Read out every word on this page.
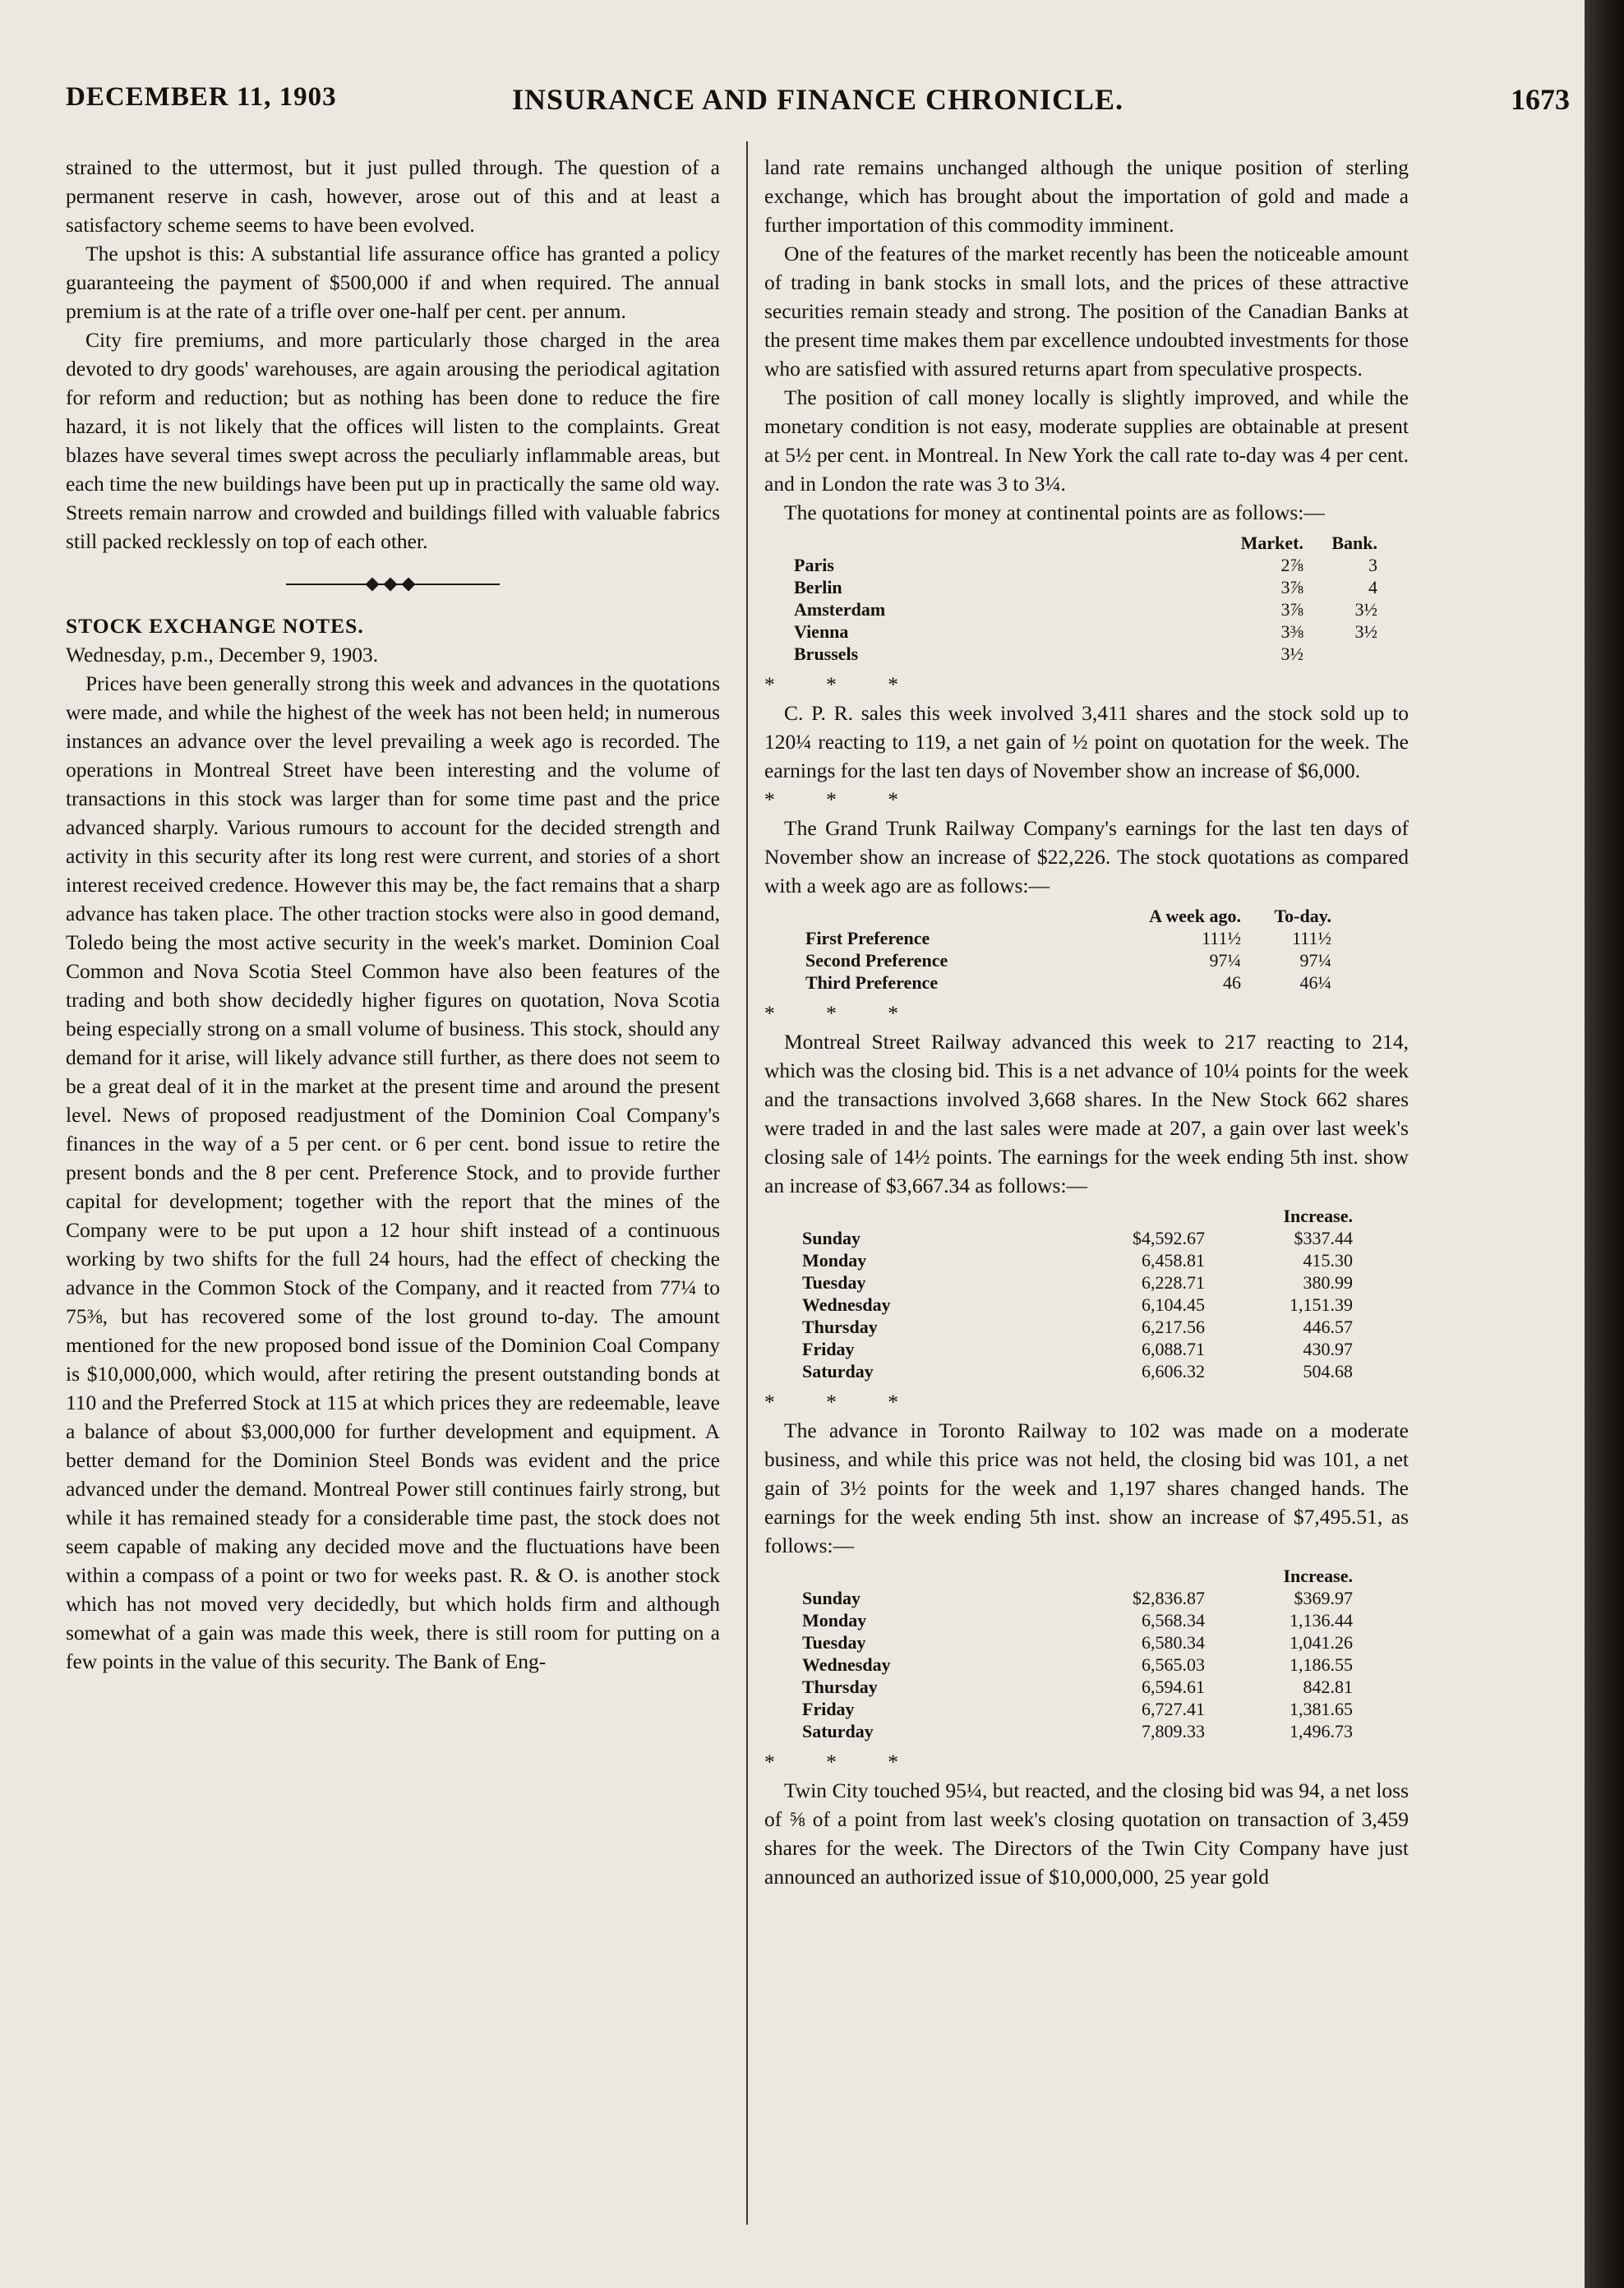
INSURANCE AND FINANCE CHRONICLE.
DECEMBER 11, 1903	1673

strained to the uttermost, but it just pulled through. The question of a permanent reserve in cash, however, arose out of this and at least a satisfactory scheme seems to have been evolved.

The upshot is this: A substantial life assurance office has granted a policy guaranteeing the payment of $500,000 if and when required. The annual premium is at the rate of a trifle over one-half per cent. per annum.

City fire premiums, and more particularly those charged in the area devoted to dry goods' warehouses, are again arousing the periodical agitation for reform and reduction; but as nothing has been done to reduce the fire hazard, it is not likely that the offices will listen to the complaints. Great blazes have several times swept across the peculiarly inflammable areas, but each time the new buildings have been put up in practically the same old way. Streets remain narrow and crowded and buildings filled with valuable fabrics still packed recklessly on top of each other.

STOCK EXCHANGE NOTES.

Wednesday, p.m., December 9, 1903.

Prices have been generally strong this week and advances in the quotations were made, and while the highest of the week has not been held; in numerous instances an advance over the level prevailing a week ago is recorded. The operations in Montreal Street have been interesting and the volume of transactions in this stock was larger than for some time past and the price advanced sharply. Various rumours to account for the decided strength and activity in this security after its long rest were current, and stories of a short interest received credence. However this may be, the fact remains that a sharp advance has taken place. The other traction stocks were also in good demand, Toledo being the most active security in the week's market. Dominion Coal Common and Nova Scotia Steel Common have also been features of the trading and both show decidedly higher figures on quotation, Nova Scotia being especially strong on a small volume of business. This stock, should any demand for it arise, will likely advance still further, as there does not seem to be a great deal of it in the market at the present time and around the present level. News of proposed readjustment of the Dominion Coal Company's finances in the way of a 5 per cent. or 6 per cent. bond issue to retire the present bonds and the 8 per cent. Preference Stock, and to provide further capital for development; together with the report that the mines of the Company were to be put upon a 12 hour shift instead of a continuous working by two shifts for the full 24 hours, had the effect of checking the advance in the Common Stock of the Company, and it reacted from 77¼ to 75⅜, but has recovered some of the lost ground to-day. The amount mentioned for the new proposed bond issue of the Dominion Coal Company is $10,000,000, which would, after retiring the present outstanding bonds at 110 and the Preferred Stock at 115 at which prices they are redeemable, leave a balance of about $3,000,000 for further development and equipment. A better demand for the Dominion Steel Bonds was evident and the price advanced under the demand. Montreal Power still continues fairly strong, but while it has remained steady for a considerable time past, the stock does not seem capable of making any decided move and the fluctuations have been within a compass of a point or two for weeks past. R. & O. is another stock which has not moved very decidedly, but which holds firm and although somewhat of a gain was made this week, there is still room for putting on a few points in the value of this security. The Bank of Eng-

land rate remains unchanged although the unique position of sterling exchange, which has brought about the importation of gold and made a further importation of this commodity imminent.

One of the features of the market recently has been the noticeable amount of trading in bank stocks in small lots, and the prices of these attractive securities remain steady and strong. The position of the Canadian Banks at the present time makes them par excellence undoubted investments for those who are satisfied with assured returns apart from speculative prospects.

The position of call money locally is slightly improved, and while the monetary condition is not easy, moderate supplies are obtainable at present at 5½ per cent. in Montreal. In New York the call rate to-day was 4 per cent. and in London the rate was 3 to 3¼.

The quotations for money at continental points are as follows:—

	Market.	Bank.
Paris	2⅞	3
Berlin	3⅞	4
Amsterdam	3⅞	3½
Vienna	3⅜	3½
Brussels	3½	

* * *

C. P. R. sales this week involved 3,411 shares and the stock sold up to 120¼ reacting to 119, a net gain of ½ point on quotation for the week. The earnings for the last ten days of November show an increase of $6,000.

* * *

The Grand Trunk Railway Company's earnings for the last ten days of November show an increase of $22,226. The stock quotations as compared with a week ago are as follows:—

	A week ago.	To-day.
First Preference	111½	111½
Second Preference	97¼	97¼
Third Preference	46	46¼

* * *

Montreal Street Railway advanced this week to 217 reacting to 214, which was the closing bid. This is a net advance of 10¼ points for the week and the transactions involved 3,668 shares. In the New Stock 662 shares were traded in and the last sales were made at 207, a gain over last week's closing sale of 14½ points. The earnings for the week ending 5th inst. show an increase of $3,667.34 as follows:—

		Increase.
Sunday	$4,592.67	$337.44
Monday	6,458.81	415.30
Tuesday	6,228.71	380.99
Wednesday	6,104.45	1,151.39
Thursday	6,217.56	446.57
Friday	6,088.71	430.97
Saturday	6,606.32	504.68

* * *

The advance in Toronto Railway to 102 was made on a moderate business, and while this price was not held, the closing bid was 101, a net gain of 3½ points for the week and 1,197 shares changed hands. The earnings for the week ending 5th inst. show an increase of $7,495.51, as follows:—

		Increase.
Sunday	$2,836.87	$369.97
Monday	6,568.34	1,136.44
Tuesday	6,580.34	1,041.26
Wednesday	6,565.03	1,186.55
Thursday	6,594.61	842.81
Friday	6,727.41	1,381.65
Saturday	7,809.33	1,496.73

* * *

Twin City touched 95¼, but reacted, and the closing bid was 94, a net loss of ⅝ of a point from last week's closing quotation on transaction of 3,459 shares for the week. The Directors of the Twin City Company have just announced an authorized issue of $10,000,000, 25 year gold
